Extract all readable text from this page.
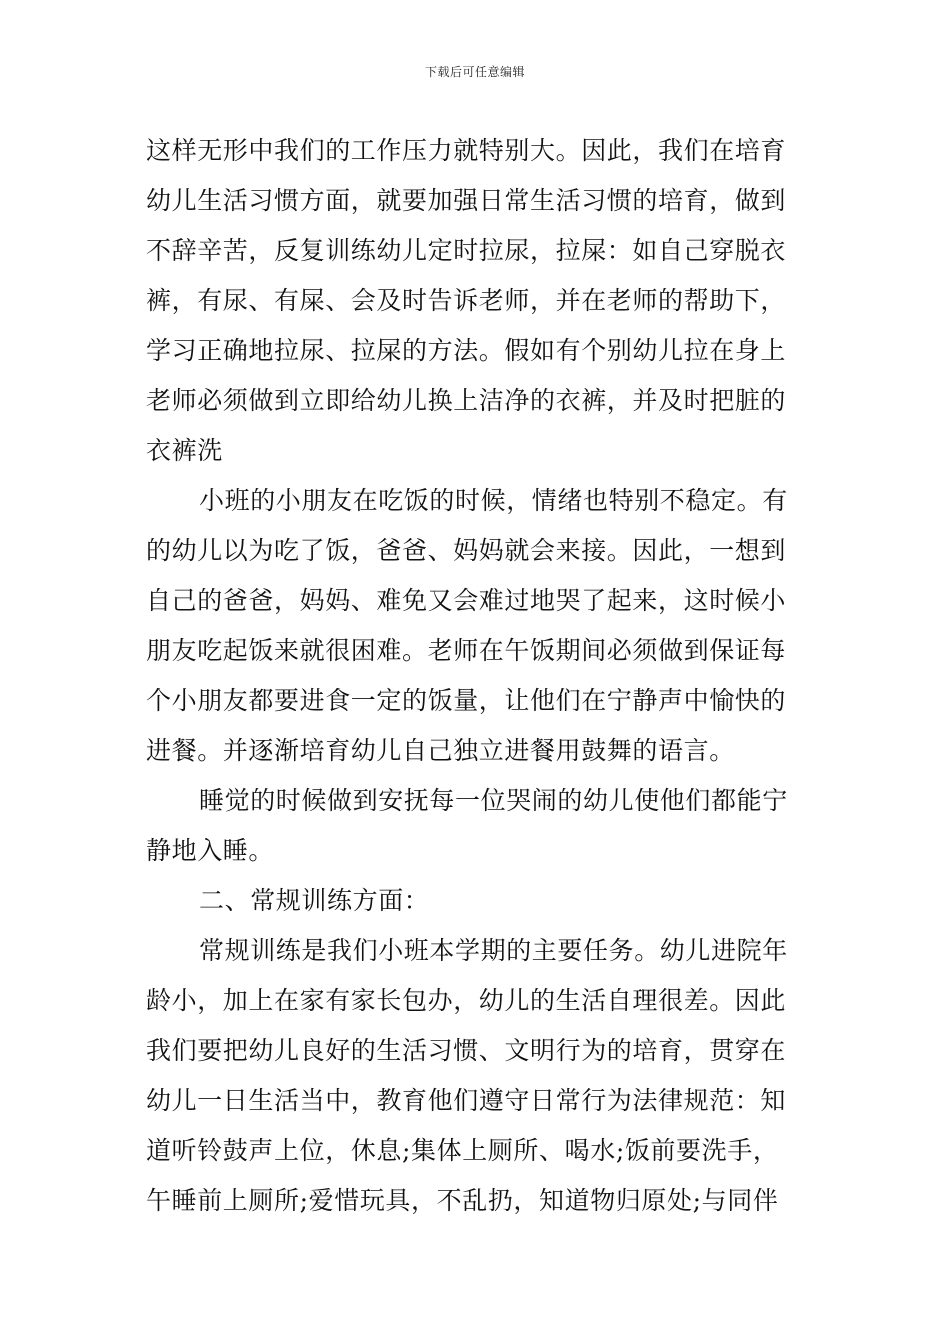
下载后可任意编辑
这样无形中我们的工作压力就特别大。因此，我们在培育
幼儿生活习惯方面，就要加强日常生活习惯的培育，做到
不辞辛苦，反复训练幼儿定时拉尿，拉屎：如自己穿脱衣
裤，有尿、有屎、会及时告诉老师，并在老师的帮助下，
学习正确地拉尿、拉屎的方法。假如有个别幼儿拉在身上
老师必须做到立即给幼儿换上洁净的衣裤，并及时把脏的
衣裤洗
小班的小朋友在吃饭的时候，情绪也特别不稳定。有
的幼儿以为吃了饭，爸爸、妈妈就会来接。因此，一想到
自己的爸爸，妈妈、难免又会难过地哭了起来，这时候小
朋友吃起饭来就很困难。老师在午饭期间必须做到保证每
个小朋友都要进食一定的饭量，让他们在宁静声中愉快的
进餐。并逐渐培育幼儿自己独立进餐用鼓舞的语言。
睡觉的时候做到安抚每一位哭闹的幼儿使他们都能宁
静地入睡。
二、常规训练方面：
常规训练是我们小班本学期的主要任务。幼儿进院年
龄小，加上在家有家长包办，幼儿的生活自理很差。因此
我们要把幼儿良好的生活习惯、文明行为的培育，贯穿在
幼儿一日生活当中，教育他们遵守日常行为法律规范：知
道听铃鼓声上位，休息;集体上厕所、喝水;饭前要洗手，
午睡前上厕所;爱惜玩具，不乱扔，知道物归原处;与同伴
